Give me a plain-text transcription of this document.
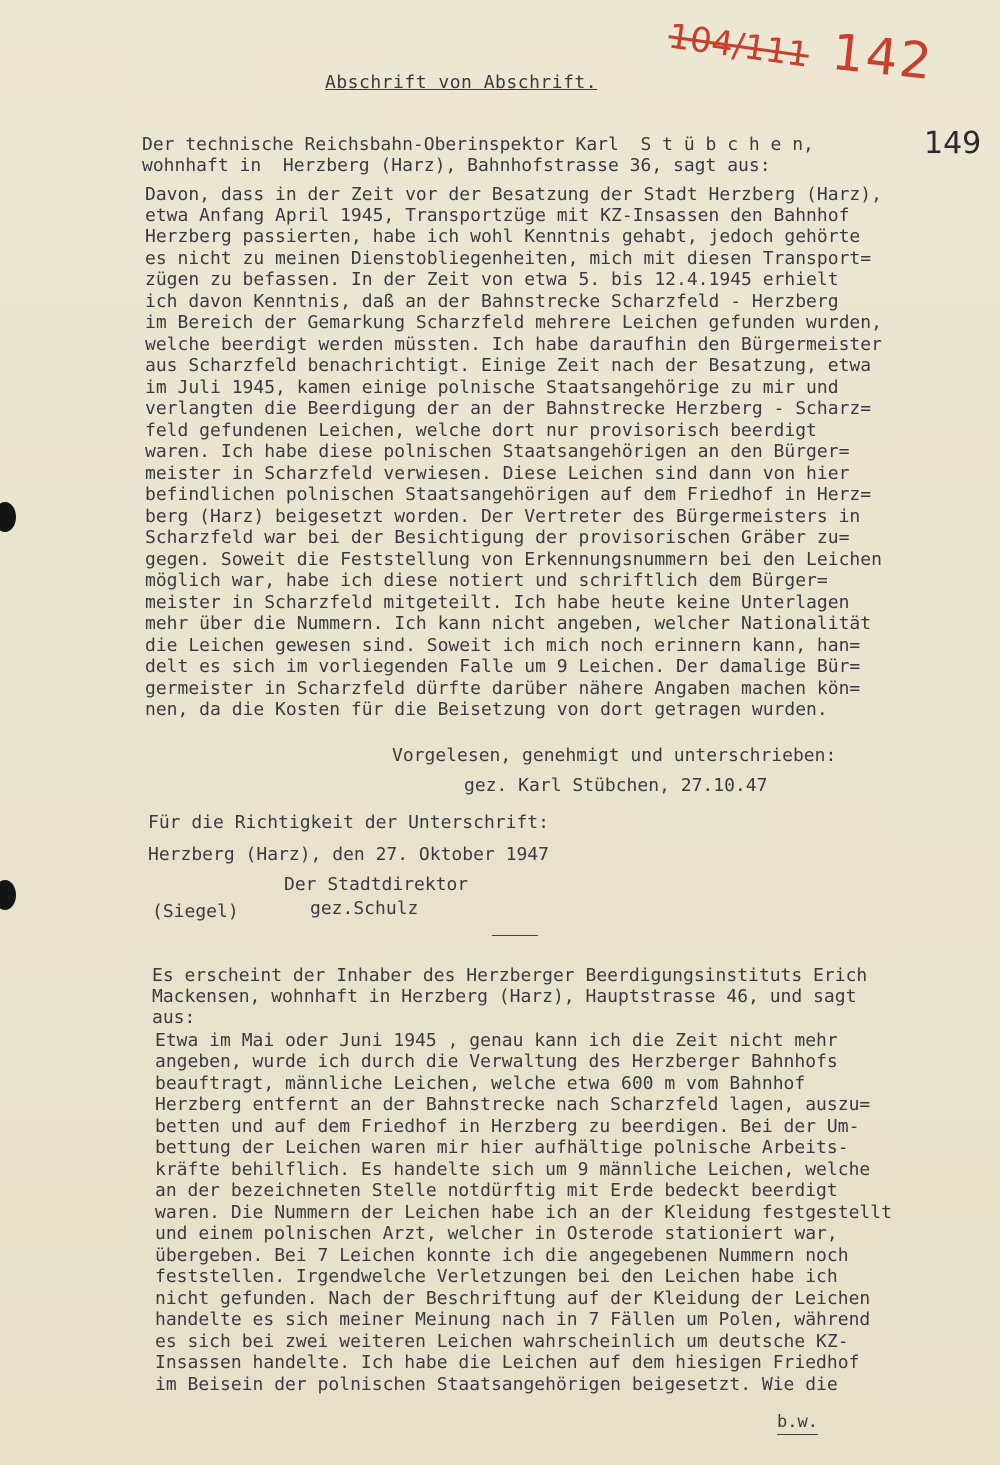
104/111 142
149
Abschrift von Abschrift.
Der technische Reichsbahn-Oberinspektor Karl  S t ü b c h e n,
wohnhaft in  Herzberg (Harz), Bahnhofstrasse 36, sagt aus:
Davon, dass in der Zeit vor der Besatzung der Stadt Herzberg (Harz),
etwa Anfang April 1945, Transportzüge mit KZ-Insassen den Bahnhof
Herzberg passierten, habe ich wohl Kenntnis gehabt, jedoch gehörte
es nicht zu meinen Dienstobliegenheiten, mich mit diesen Transport=
zügen zu befassen. In der Zeit von etwa 5. bis 12.4.1945 erhielt
ich davon Kenntnis, daß an der Bahnstrecke Scharzfeld - Herzberg
im Bereich der Gemarkung Scharzfeld mehrere Leichen gefunden wurden,
welche beerdigt werden müssten. Ich habe daraufhin den Bürgermeister
aus Scharzfeld benachrichtigt. Einige Zeit nach der Besatzung, etwa
im Juli 1945, kamen einige polnische Staatsangehörige zu mir und
verlangten die Beerdigung der an der Bahnstrecke Herzberg - Scharz=
feld gefundenen Leichen, welche dort nur provisorisch beerdigt
waren. Ich habe diese polnischen Staatsangehörigen an den Bürger=
meister in Scharzfeld verwiesen. Diese Leichen sind dann von hier
befindlichen polnischen Staatsangehörigen auf dem Friedhof in Herz=
berg (Harz) beigesetzt worden. Der Vertreter des Bürgermeisters in
Scharzfeld war bei der Besichtigung der provisorischen Gräber zu=
gegen. Soweit die Feststellung von Erkennungsnummern bei den Leichen
möglich war, habe ich diese notiert und schriftlich dem Bürger=
meister in Scharzfeld mitgeteilt. Ich habe heute keine Unterlagen
mehr über die Nummern. Ich kann nicht angeben, welcher Nationalität
die Leichen gewesen sind. Soweit ich mich noch erinnern kann, han=
delt es sich im vorliegenden Falle um 9 Leichen. Der damalige Bür=
germeister in Scharzfeld dürfte darüber nähere Angaben machen kön=
nen, da die Kosten für die Beisetzung von dort getragen wurden.
Vorgelesen, genehmigt und unterschrieben:
gez. Karl Stübchen, 27.10.47
Für die Richtigkeit der Unterschrift:
Herzberg (Harz), den 27. Oktober 1947
Der Stadtdirektor
(Siegel)	gez.Schulz
Es erscheint der Inhaber des Herzberger Beerdigungsinstituts Erich
Mackensen, wohnhaft in Herzberg (Harz), Hauptstrasse 46, und sagt
aus:
Etwa im Mai oder Juni 1945 , genau kann ich die Zeit nicht mehr
angeben, wurde ich durch die Verwaltung des Herzberger Bahnhofs
beauftragt, männliche Leichen, welche etwa 600 m vom Bahnhof
Herzberg entfernt an der Bahnstrecke nach Scharzfeld lagen, auszu=
betten und auf dem Friedhof in Herzberg zu beerdigen. Bei der Um-
bettung der Leichen waren mir hier aufhältige polnische Arbeits-
kräfte behilflich. Es handelte sich um 9 männliche Leichen, welche
an der bezeichneten Stelle notdürftig mit Erde bedeckt beerdigt
waren. Die Nummern der Leichen habe ich an der Kleidung festgestellt
und einem polnischen Arzt, welcher in Osterode stationiert war,
übergeben. Bei 7 Leichen konnte ich die angegebenen Nummern noch
feststellen. Irgendwelche Verletzungen bei den Leichen habe ich
nicht gefunden. Nach der Beschriftung auf der Kleidung der Leichen
handelte es sich meiner Meinung nach in 7 Fällen um Polen, während
es sich bei zwei weiteren Leichen wahrscheinlich um deutsche KZ-
Insassen handelte. Ich habe die Leichen auf dem hiesigen Friedhof
im Beisein der polnischen Staatsangehörigen beigesetzt. Wie die
b.w.
